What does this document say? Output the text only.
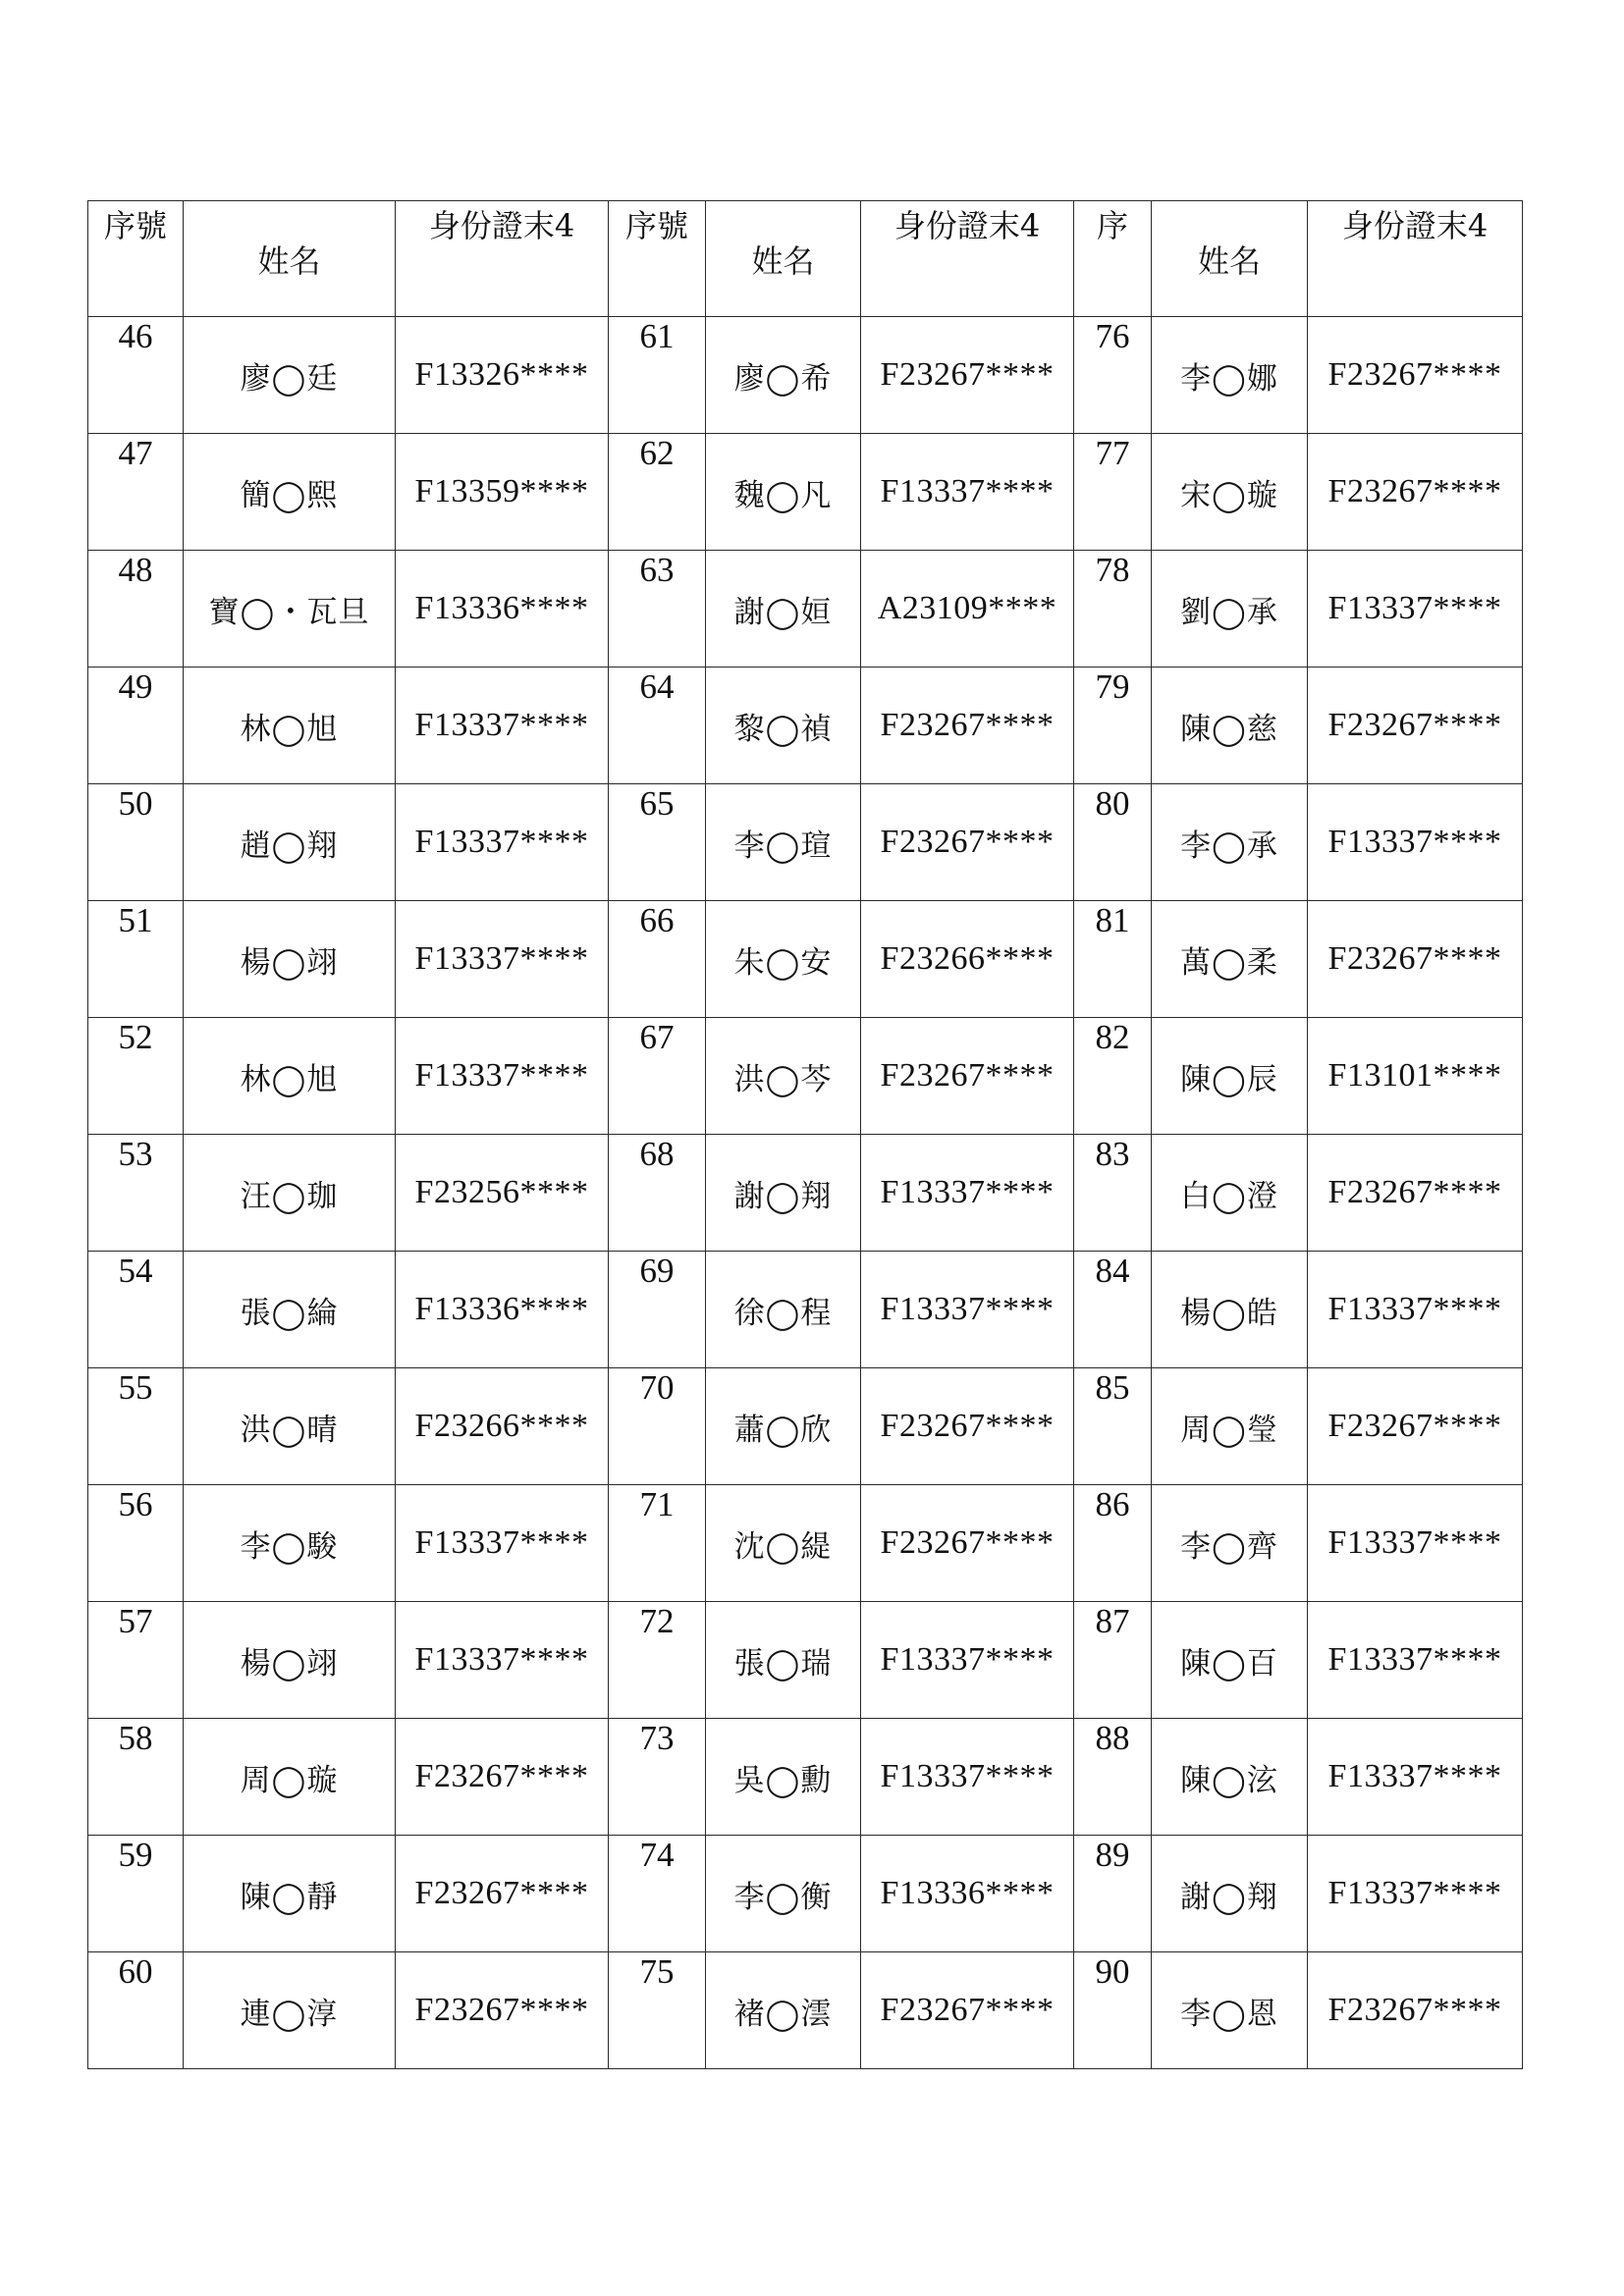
序號	姓名	身份證末4	序號	姓名	身份證末4	序	姓名	身份證末4
46	廖◯廷	F13326****	61	廖◯希	F23267****	76	李◯娜	F23267****
47	簡◯熙	F13359****	62	魏◯凡	F13337****	77	宋◯璇	F23267****
48	寶◯・瓦旦	F13336****	63	謝◯姮	A23109****	78	劉◯承	F13337****
49	林◯旭	F13337****	64	黎◯禎	F23267****	79	陳◯慈	F23267****
50	趙◯翔	F13337****	65	李◯瑄	F23267****	80	李◯承	F13337****
51	楊◯翊	F13337****	66	朱◯安	F23266****	81	萬◯柔	F23267****
52	林◯旭	F13337****	67	洪◯芩	F23267****	82	陳◯辰	F13101****
53	汪◯珈	F23256****	68	謝◯翔	F13337****	83	白◯澄	F23267****
54	張◯綸	F13336****	69	徐◯程	F13337****	84	楊◯皓	F13337****
55	洪◯晴	F23266****	70	蕭◯欣	F23267****	85	周◯瑩	F23267****
56	李◯駿	F13337****	71	沈◯緹	F23267****	86	李◯齊	F13337****
57	楊◯翊	F13337****	72	張◯瑞	F13337****	87	陳◯百	F13337****
58	周◯璇	F23267****	73	吳◯勳	F13337****	88	陳◯泫	F13337****
59	陳◯靜	F23267****	74	李◯衡	F13336****	89	謝◯翔	F13337****
60	連◯淳	F23267****	75	褚◯澐	F23267****	90	李◯恩	F23267****
